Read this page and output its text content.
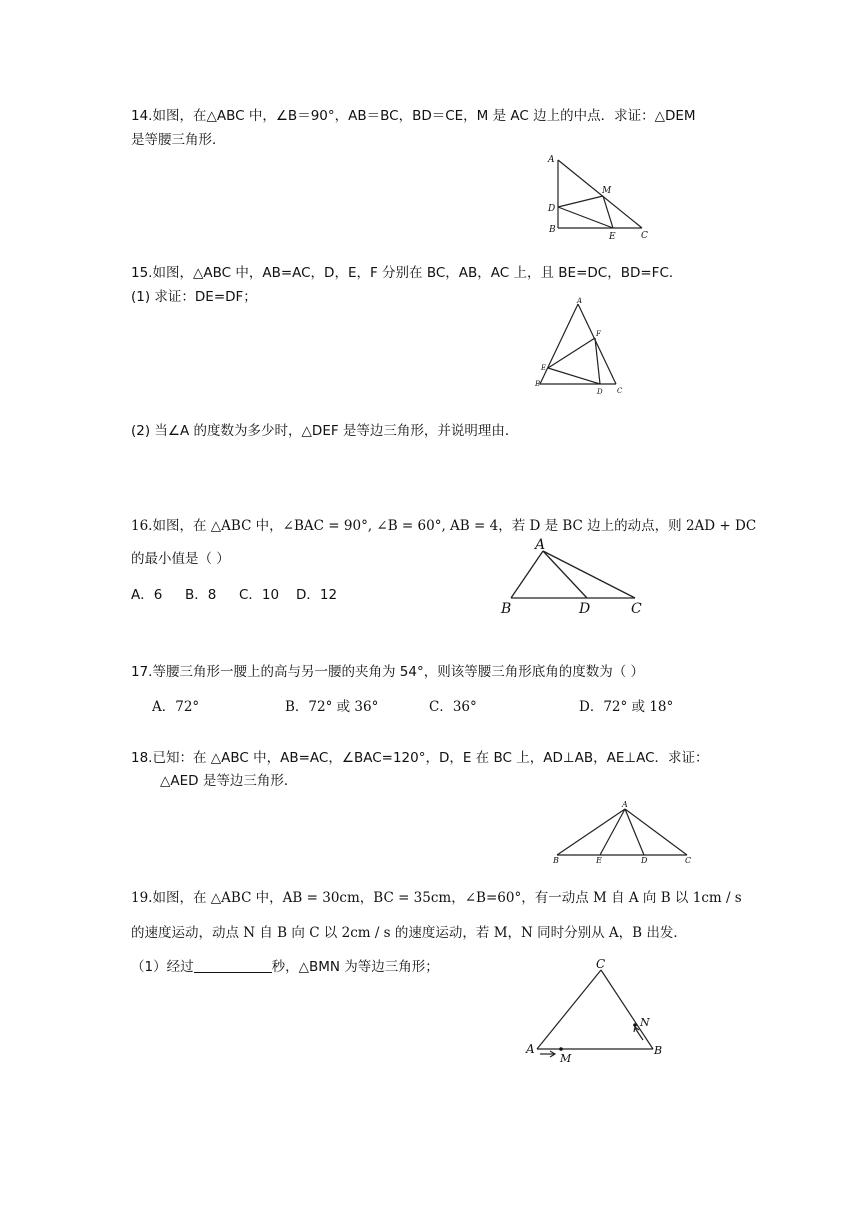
14.如图，在△ABC 中，∠B＝90°，AB＝BC，BD＝CE，M 是 AC 边上的中点．求证：△DEM
是等腰三角形．
A
M
D
B
E	C
15.如图，△ABC 中，AB=AC，D，E，F 分别在 BC，AB，AC 上，且 BE=DC，BD=FC．
(1) 求证：DE=DF；	A
F
E
B
D C
(2) 当∠A 的度数为多少时，△DEF 是等边三角形，并说明理由．
16.如图，在 △ABC 中，∠BAC = 90°, ∠B = 60°, AB = 4，若 D 是 BC 边上的动点，则 2AD + DC
的最小值是（ ）
A．6 B．8 C．10 D．12
A
B	D	C
17.等腰三角形一腰上的高与另一腰的夹角为 54°，则该等腰三角形底角的度数为（ ）
A．72°	B．72° 或 36°	C．36°	D．72° 或 18°
18.已知：在 △ABC 中，AB=AC，∠BAC=120°，D，E 在 BC 上，AD⊥AB，AE⊥AC．求证：
△AED 是等边三角形．
A
B	E	D	C
19.如图，在 △ABC 中，AB = 30cm，BC = 35cm，∠B=60°，有一动点 M 自 A 向 B 以 1cm / s
的速度运动，动点 N 自 B 向 C 以 2cm / s 的速度运动，若 M，N 同时分别从 A，B 出发．
（1）经过	秒，△BMN 为等边三角形；	C
N
A
M
B
